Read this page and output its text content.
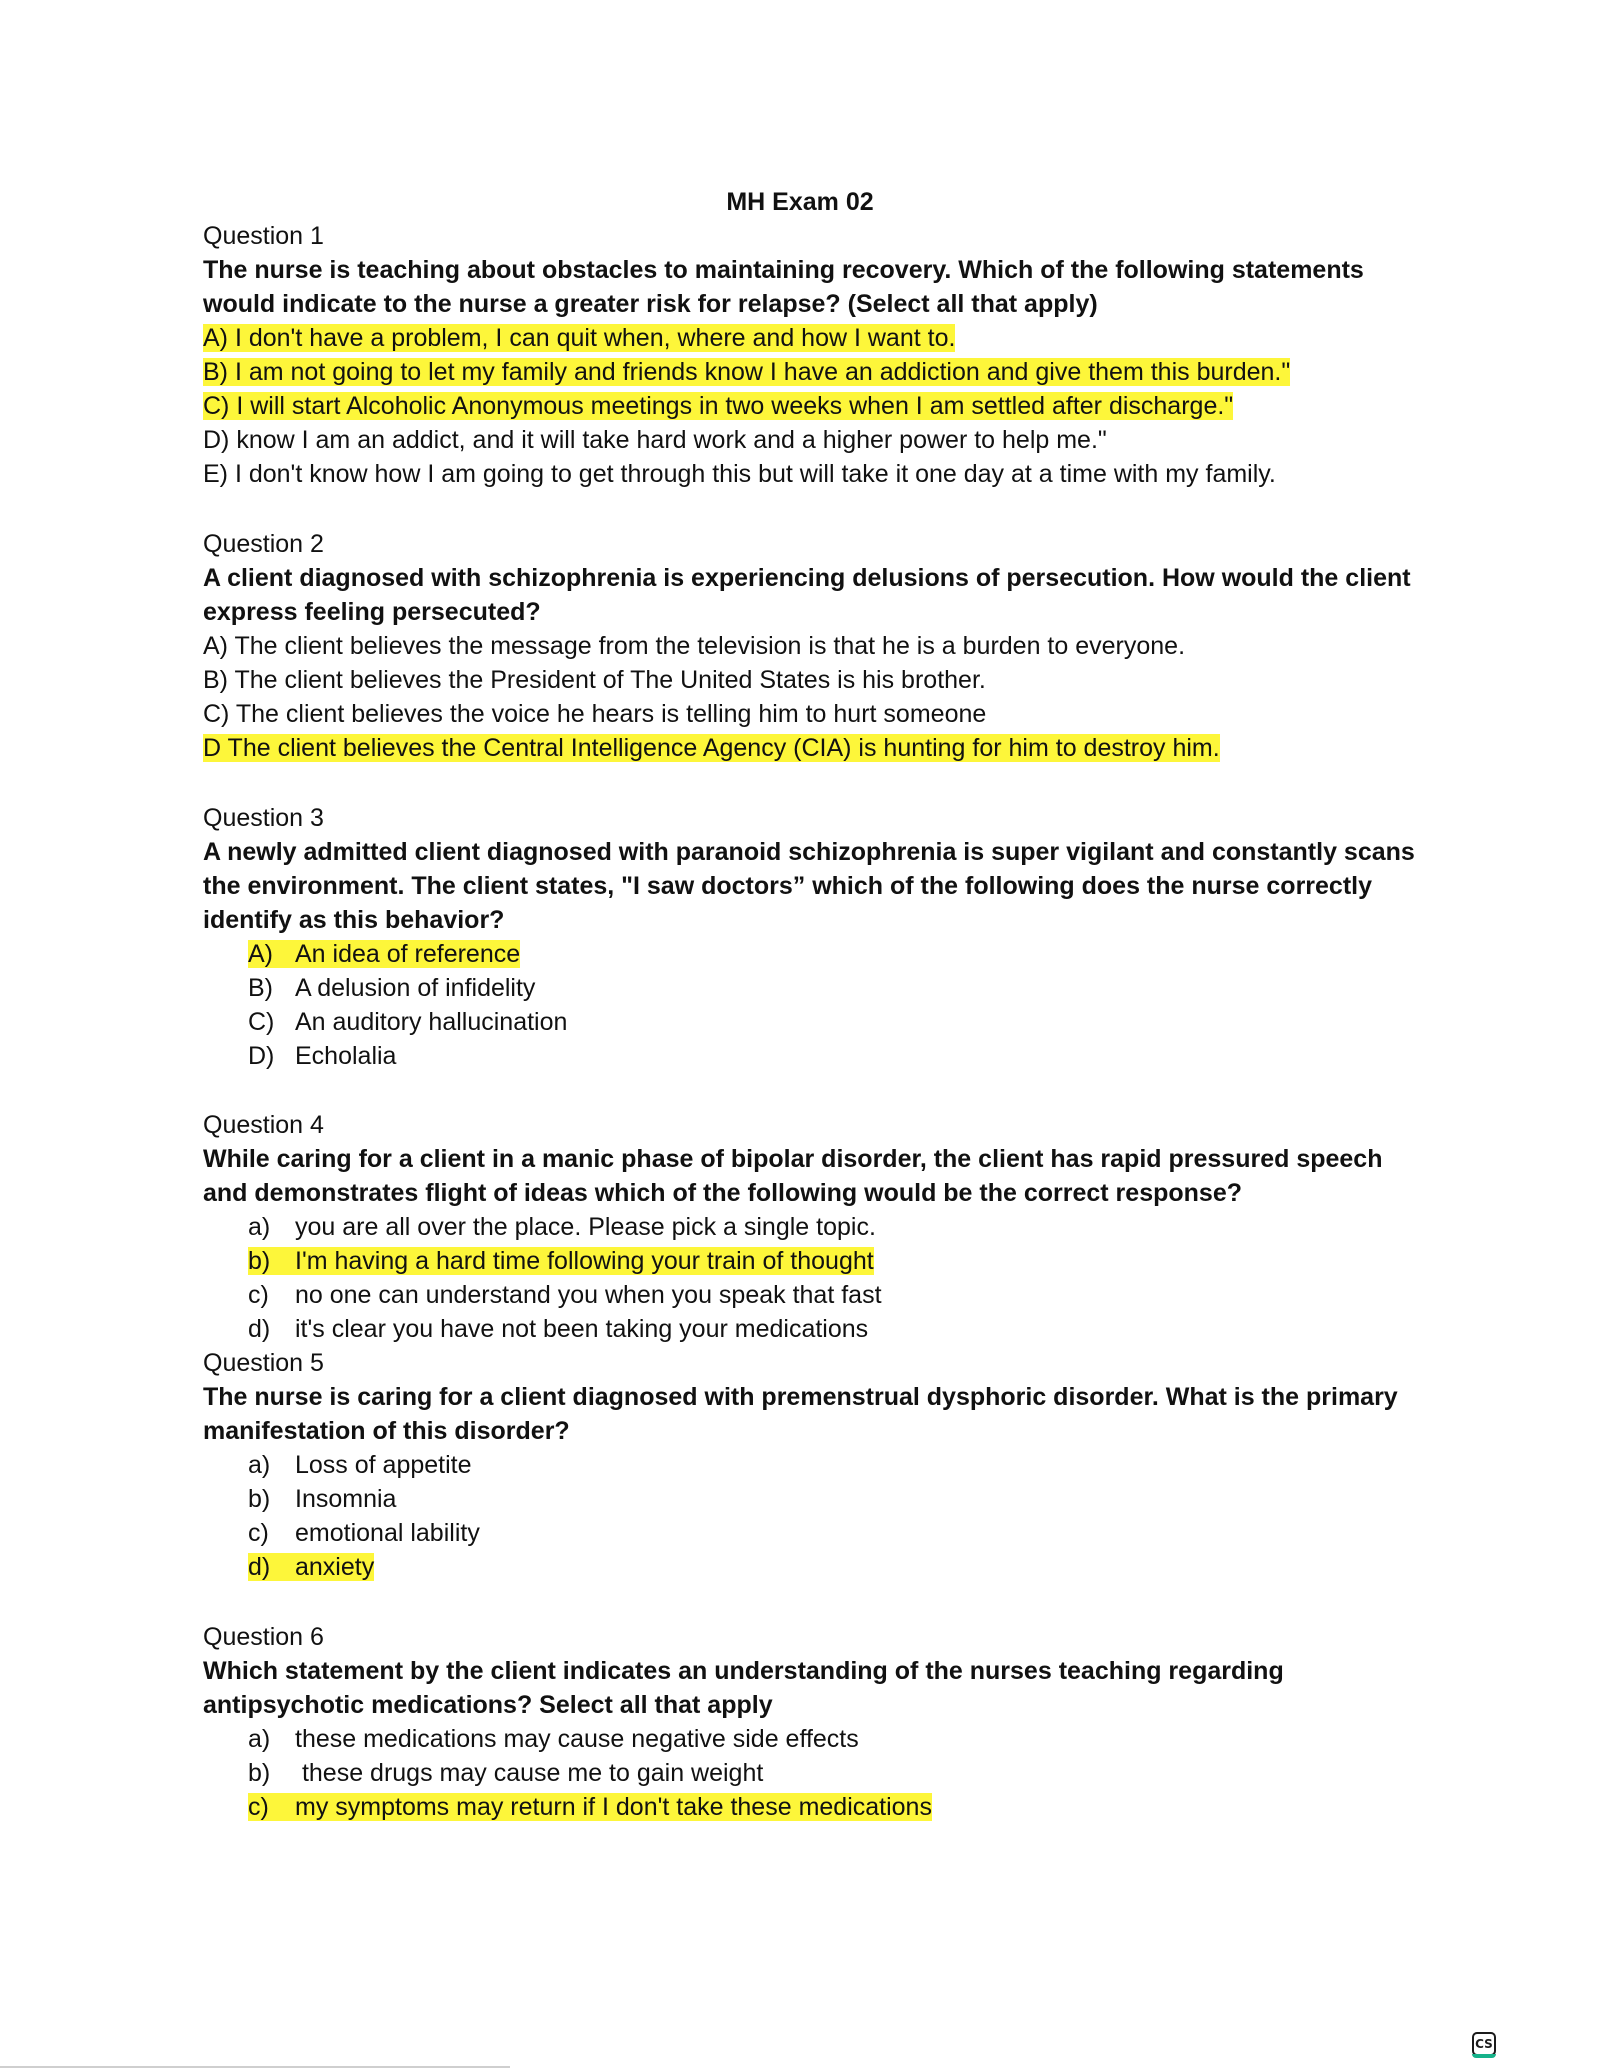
MH Exam 02
Question 1
The nurse is teaching about obstacles to maintaining recovery. Which of the following statements
would indicate to the nurse a greater risk for relapse? (Select all that apply)
A) I don't have a problem, I can quit when, where and how I want to.
B) I am not going to let my family and friends know I have an addiction and give them this burden."
C) I will start Alcoholic Anonymous meetings in two weeks when I am settled after discharge."
D) know I am an addict, and it will take hard work and a higher power to help me."
E) I don't know how I am going to get through this but will take it one day at a time with my family.
Question 2
A client diagnosed with schizophrenia is experiencing delusions of persecution. How would the client
express feeling persecuted?
A) The client believes the message from the television is that he is a burden to everyone.
B) The client believes the President of The United States is his brother.
C) The client believes the voice he hears is telling him to hurt someone
D The client believes the Central Intelligence Agency (CIA) is hunting for him to destroy him.
Question 3
A newly admitted client diagnosed with paranoid schizophrenia is super vigilant and constantly scans
the environment. The client states, "I saw doctors” which of the following does the nurse correctly
identify as this behavior?
A) An idea of reference
B) A delusion of infidelity
C) An auditory hallucination
D) Echolalia
Question 4
While caring for a client in a manic phase of bipolar disorder, the client has rapid pressured speech
and demonstrates flight of ideas which of the following would be the correct response?
a) you are all over the place. Please pick a single topic.
b) I'm having a hard time following your train of thought
c) no one can understand you when you speak that fast
d) it's clear you have not been taking your medications
Question 5
The nurse is caring for a client diagnosed with premenstrual dysphoric disorder. What is the primary
manifestation of this disorder?
a) Loss of appetite
b) Insomnia
c) emotional lability
d) anxiety
Question 6
Which statement by the client indicates an understanding of the nurses teaching regarding
antipsychotic medications? Select all that apply
a) these medications may cause negative side effects
b) these drugs may cause me to gain weight
c) my symptoms may return if I don't take these medications
CS
